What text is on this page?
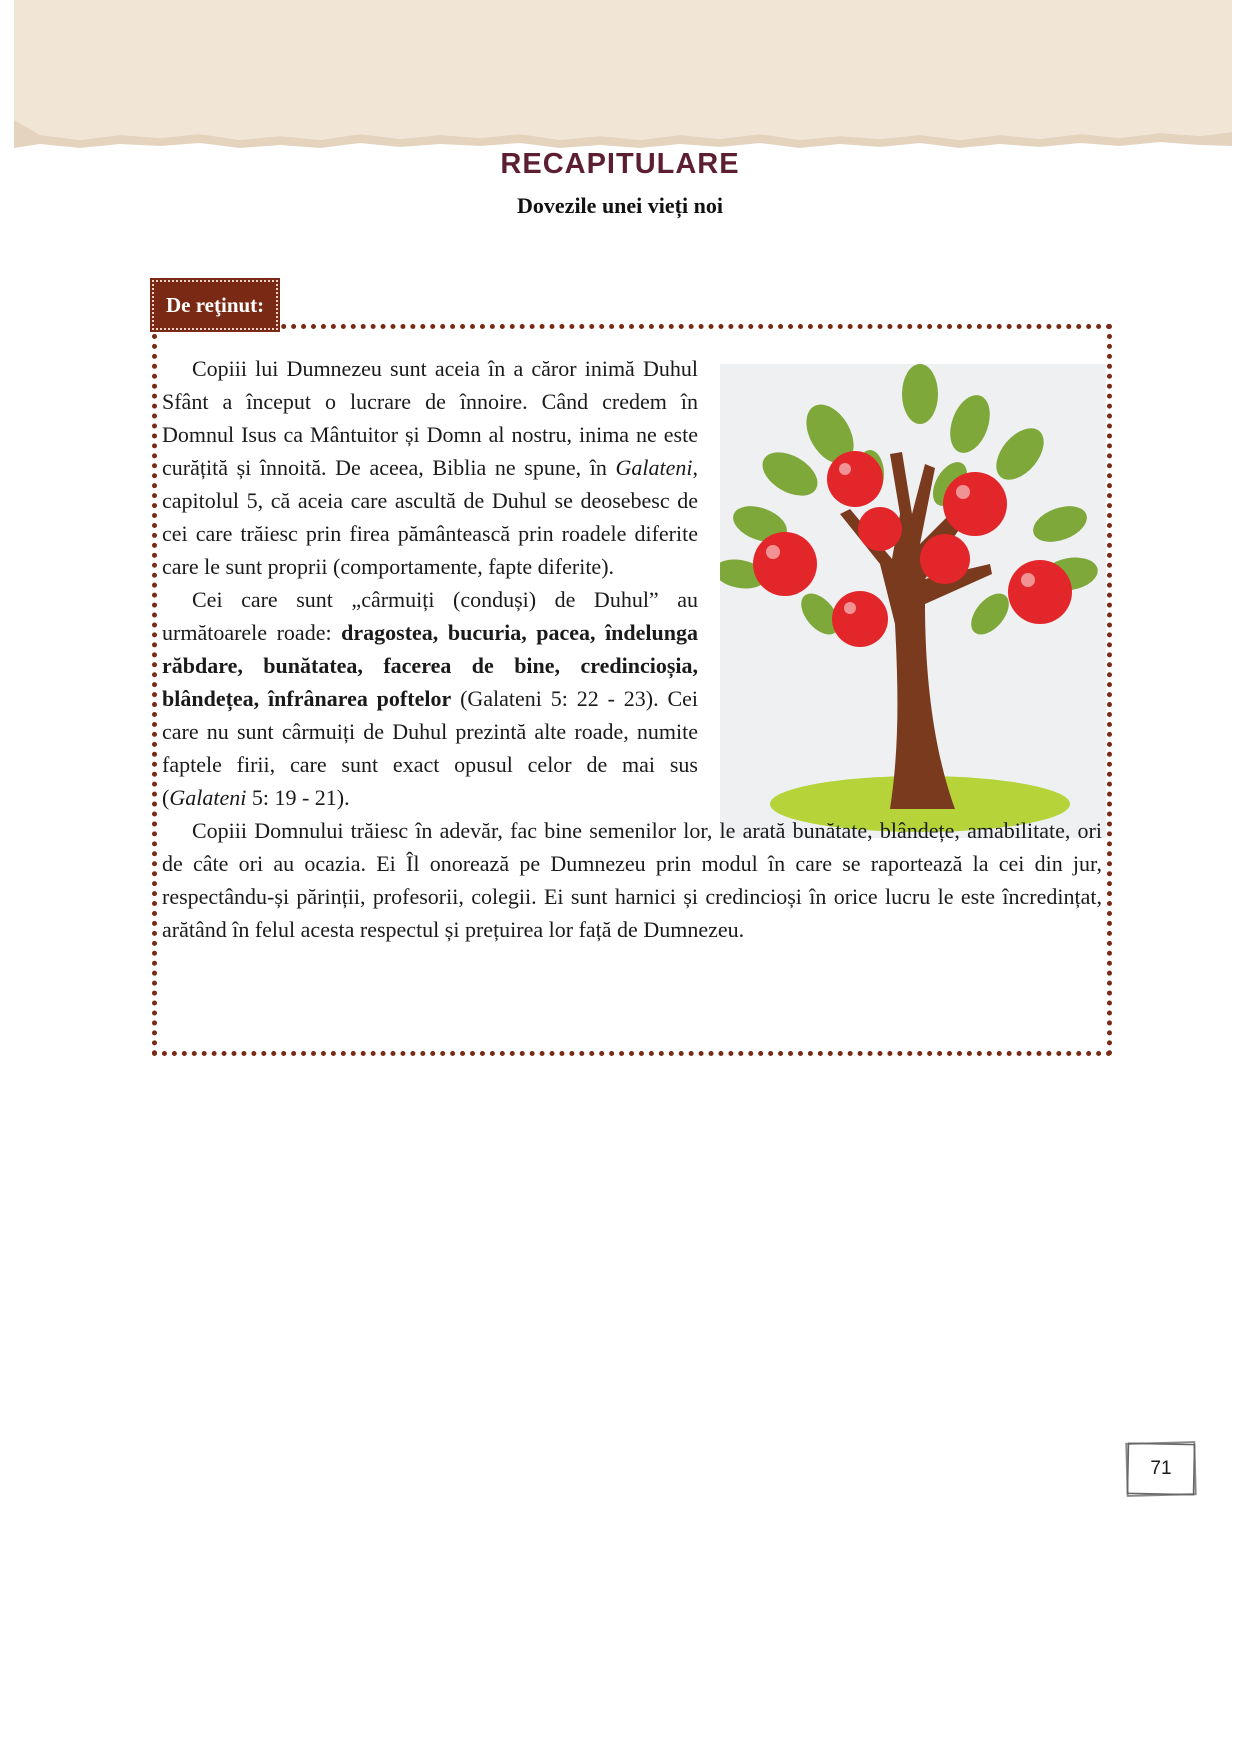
RECAPITULARE
Dovezile unei vieți noi
De reţinut:

Copiii lui Dumnezeu sunt aceia în a căror inimă Duhul Sfânt a început o lucrare de înnoire. Când credem în Domnul Isus ca Mântuitor și Domn al nostru, inima ne este curățită și înnoită. De aceea, Biblia ne spune, în Galateni, capitolul 5, că aceia care ascultă de Duhul se deosebesc de cei care trăiesc prin firea pământească prin roadele diferite care le sunt proprii (comportamente, fapte diferite).

Cei care sunt „cârmuiți (conduși) de Duhul” au următoarele roade: dragostea, bucuria, pacea, îndelunga răbdare, bunătatea, facerea de bine, credincioșia, blândețea, înfrânarea poftelor (Galateni 5: 22 - 23). Cei care nu sunt cârmuiți de Duhul prezintă alte roade, numite faptele firii, care sunt exact opusul celor de mai sus (Galateni 5: 19 - 21).

Copiii Domnului trăiesc în adevăr, fac bine semenilor lor, le arată bunătate, blândețe, amabilitate, ori de câte ori au ocazia. Ei Îl onorează pe Dumnezeu prin modul în care se raportează la cei din jur, respectându-și părinții, profesorii, colegii. Ei sunt harnici și credincioși în orice lucru le este încredințat, arătând în felul acesta respectul și prețuirea lor față de Dumnezeu.

71
